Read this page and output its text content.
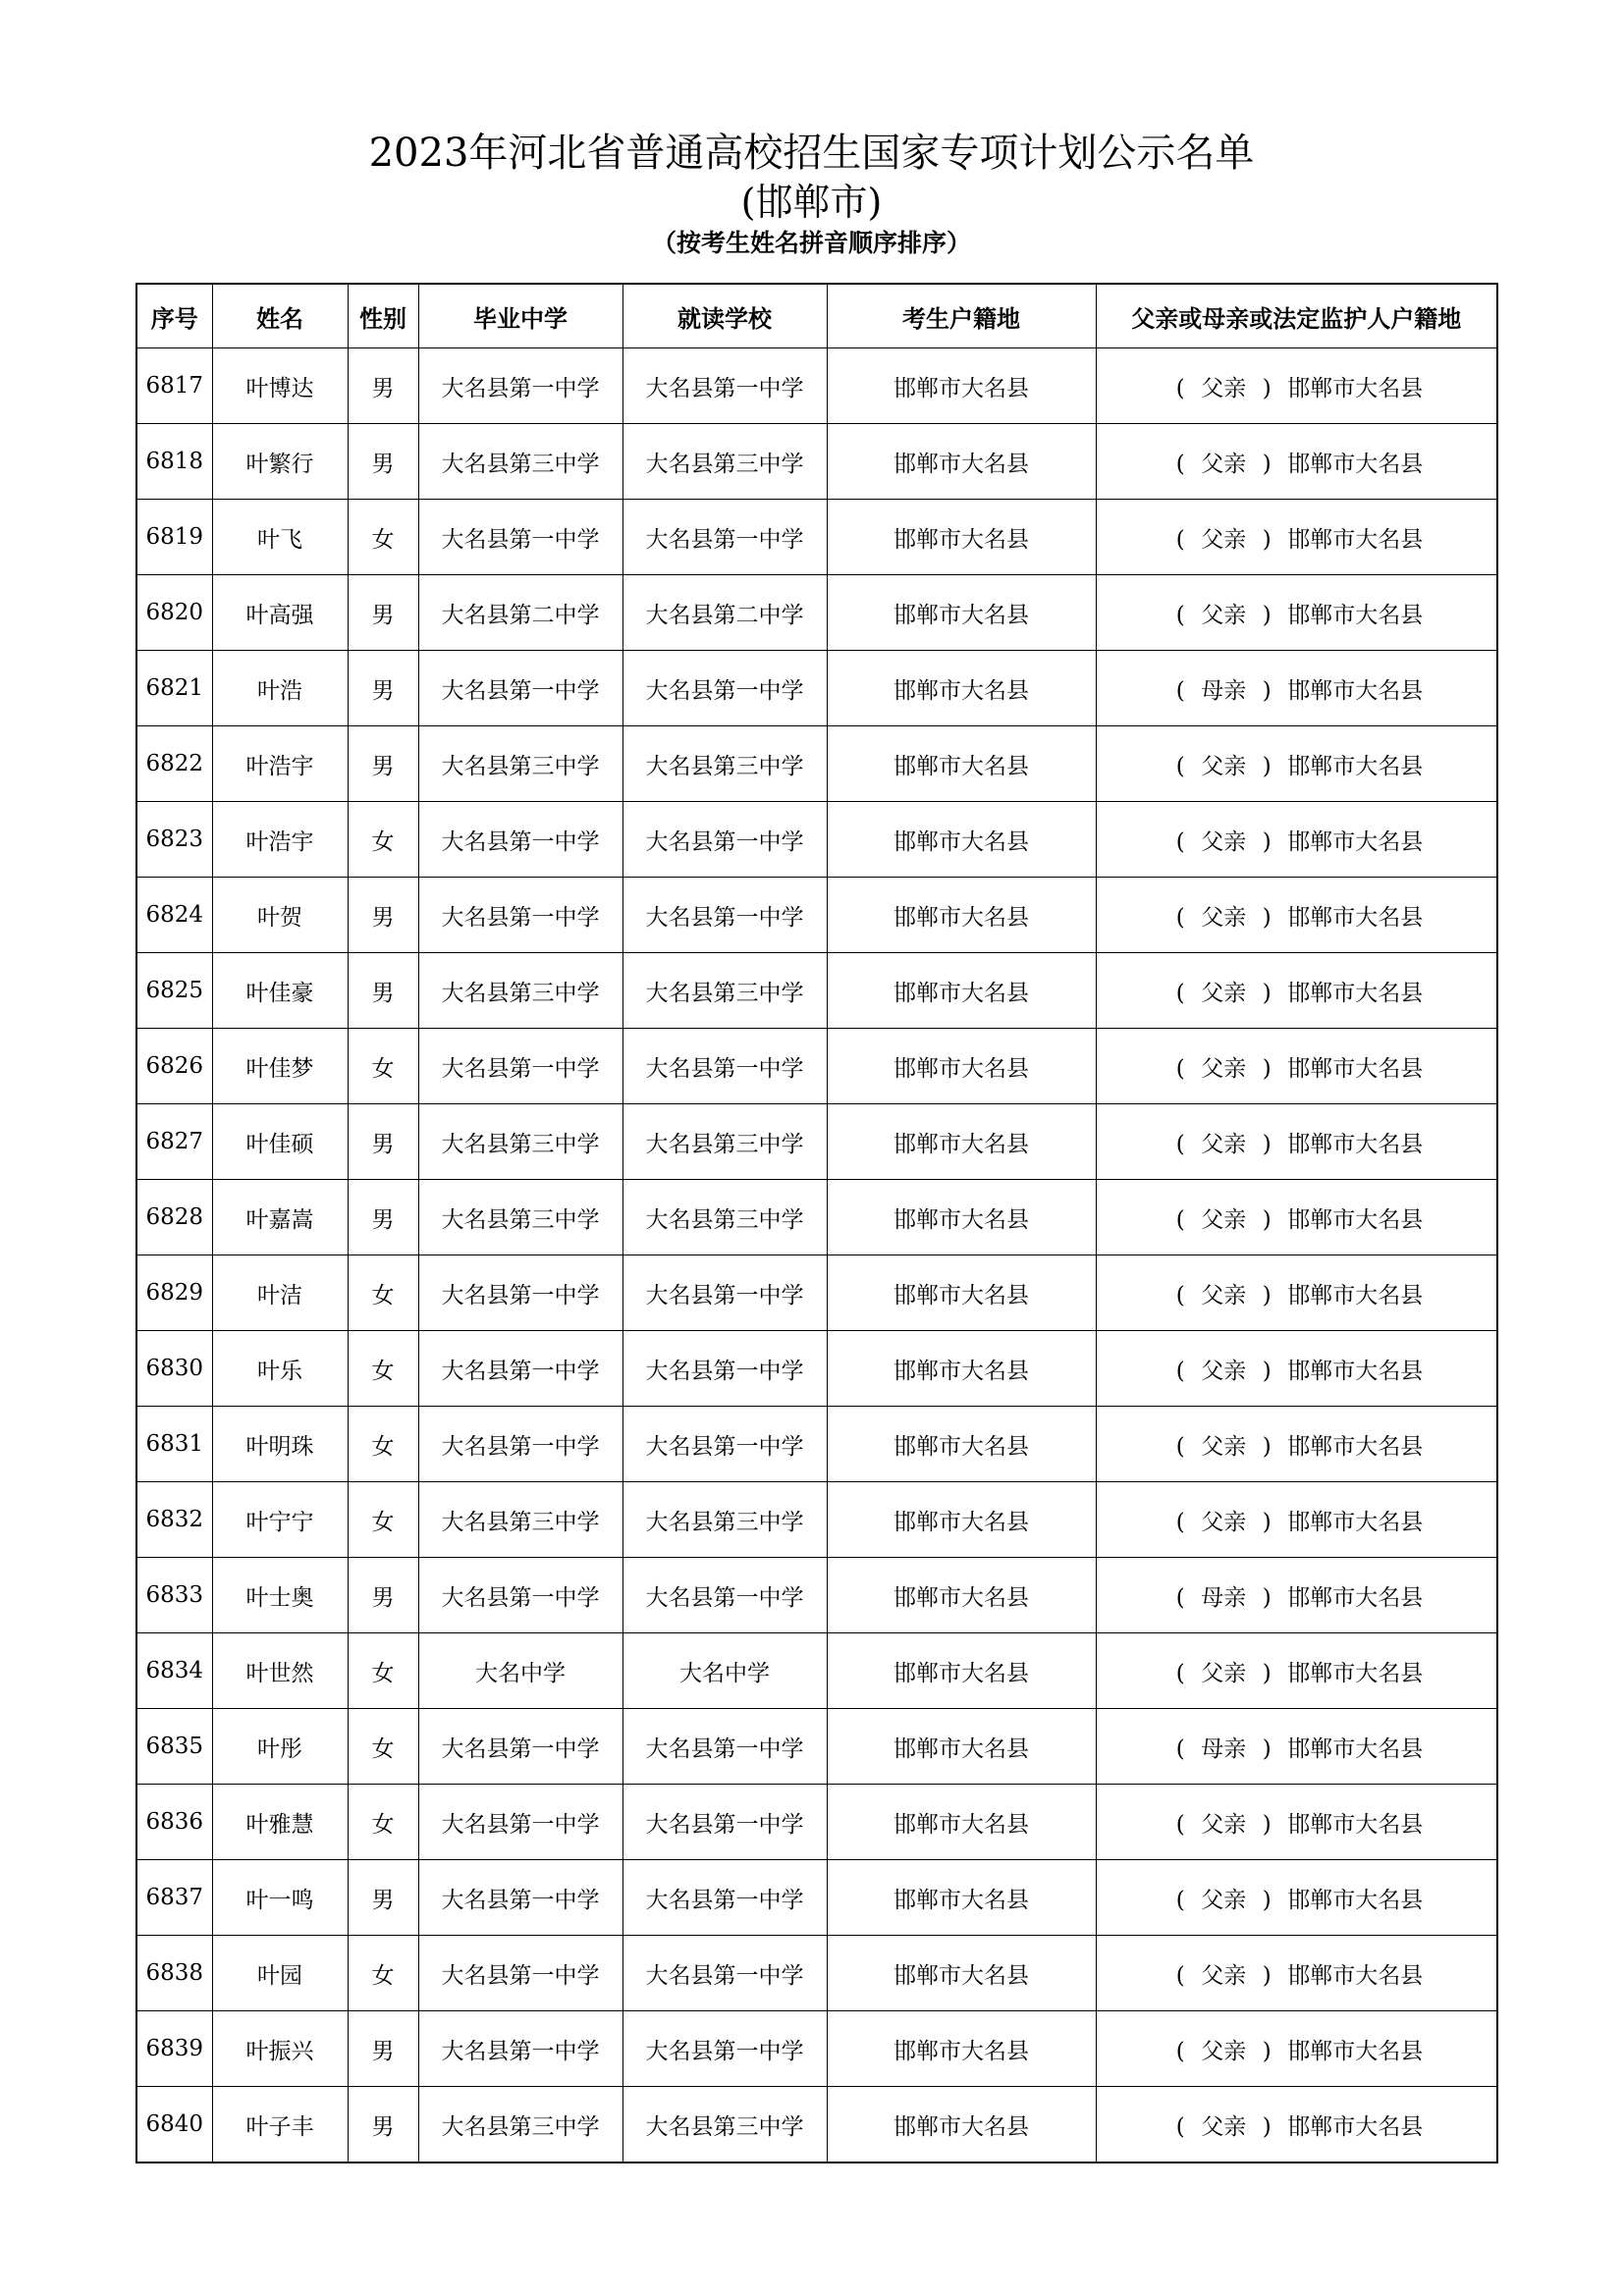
2023年河北省普通高校招生国家专项计划公示名单
(邯郸市)
（按考生姓名拼音顺序排序）
序号	姓名	性别	毕业中学	就读学校	考生户籍地	父亲或母亲或法定监护人户籍地
6817	叶博达	男	大名县第一中学	大名县第一中学	邯郸市大名县	( 父亲 ) 邯郸市大名县
6818	叶繁行	男	大名县第三中学	大名县第三中学	邯郸市大名县	( 父亲 ) 邯郸市大名县
6819	叶飞	女	大名县第一中学	大名县第一中学	邯郸市大名县	( 父亲 ) 邯郸市大名县
6820	叶高强	男	大名县第二中学	大名县第二中学	邯郸市大名县	( 父亲 ) 邯郸市大名县
6821	叶浩	男	大名县第一中学	大名县第一中学	邯郸市大名县	( 母亲 ) 邯郸市大名县
6822	叶浩宇	男	大名县第三中学	大名县第三中学	邯郸市大名县	( 父亲 ) 邯郸市大名县
6823	叶浩宇	女	大名县第一中学	大名县第一中学	邯郸市大名县	( 父亲 ) 邯郸市大名县
6824	叶贺	男	大名县第一中学	大名县第一中学	邯郸市大名县	( 父亲 ) 邯郸市大名县
6825	叶佳豪	男	大名县第三中学	大名县第三中学	邯郸市大名县	( 父亲 ) 邯郸市大名县
6826	叶佳梦	女	大名县第一中学	大名县第一中学	邯郸市大名县	( 父亲 ) 邯郸市大名县
6827	叶佳硕	男	大名县第三中学	大名县第三中学	邯郸市大名县	( 父亲 ) 邯郸市大名县
6828	叶嘉嵩	男	大名县第三中学	大名县第三中学	邯郸市大名县	( 父亲 ) 邯郸市大名县
6829	叶洁	女	大名县第一中学	大名县第一中学	邯郸市大名县	( 父亲 ) 邯郸市大名县
6830	叶乐	女	大名县第一中学	大名县第一中学	邯郸市大名县	( 父亲 ) 邯郸市大名县
6831	叶明珠	女	大名县第一中学	大名县第一中学	邯郸市大名县	( 父亲 ) 邯郸市大名县
6832	叶宁宁	女	大名县第三中学	大名县第三中学	邯郸市大名县	( 父亲 ) 邯郸市大名县
6833	叶士奥	男	大名县第一中学	大名县第一中学	邯郸市大名县	( 母亲 ) 邯郸市大名县
6834	叶世然	女	大名中学	大名中学	邯郸市大名县	( 父亲 ) 邯郸市大名县
6835	叶彤	女	大名县第一中学	大名县第一中学	邯郸市大名县	( 母亲 ) 邯郸市大名县
6836	叶雅慧	女	大名县第一中学	大名县第一中学	邯郸市大名县	( 父亲 ) 邯郸市大名县
6837	叶一鸣	男	大名县第一中学	大名县第一中学	邯郸市大名县	( 父亲 ) 邯郸市大名县
6838	叶园	女	大名县第一中学	大名县第一中学	邯郸市大名县	( 父亲 ) 邯郸市大名县
6839	叶振兴	男	大名县第一中学	大名县第一中学	邯郸市大名县	( 父亲 ) 邯郸市大名县
6840	叶子丰	男	大名县第三中学	大名县第三中学	邯郸市大名县	( 父亲 ) 邯郸市大名县
